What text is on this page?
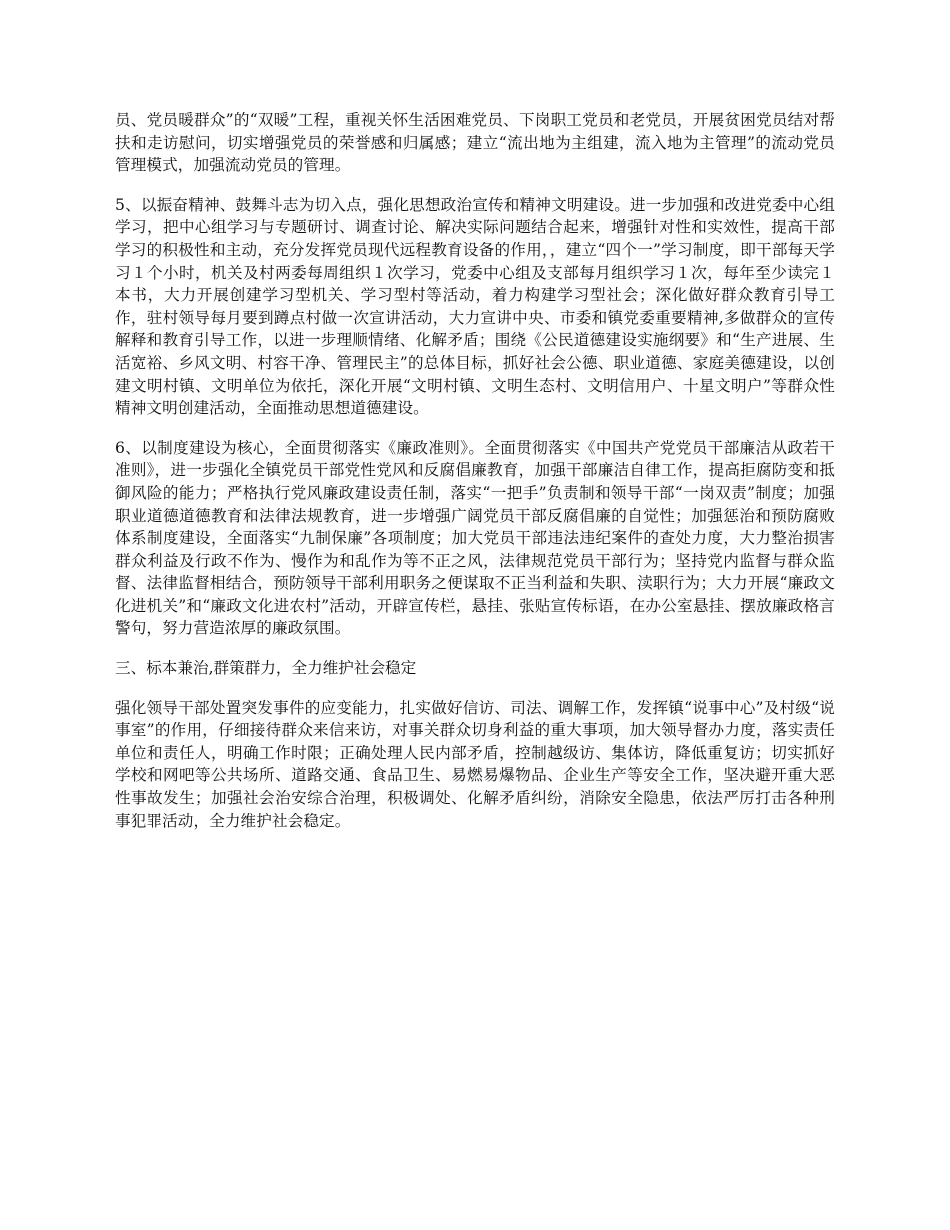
员、党员暖群众”的“双暖”工程，重视关怀生活困难党员、下岗职工党员和老党员，开展贫困党员结对帮扶和走访慰问，切实增强党员的荣誉感和归属感；建立“流出地为主组建，流入地为主管理”的流动党员管理模式，加强流动党员的管理。

5、以振奋精神、鼓舞斗志为切入点，强化思想政治宣传和精神文明建设。进一步加强和改进党委中心组学习，把中心组学习与专题研讨、调查讨论、解决实际问题结合起来，增强针对性和实效性，提高干部学习的积极性和主动，充分发挥党员现代远程教育设备的作用，，建立“四个一”学习制度，即干部每天学习１个小时，机关及村两委每周组织１次学习，党委中心组及支部每月组织学习１次，每年至少读完１本书，大力开展创建学习型机关、学习型村等活动，着力构建学习型社会；深化做好群众教育引导工作，驻村领导每月要到蹲点村做一次宣讲活动，大力宣讲中央、市委和镇党委重要精神,多做群众的宣传解释和教育引导工作，以进一步理顺情绪、化解矛盾；围绕《公民道德建设实施纲要》和“生产进展、生活宽裕、乡风文明、村容干净、管理民主”的总体目标，抓好社会公德、职业道德、家庭美德建设，以创建文明村镇、文明单位为依托，深化开展“文明村镇、文明生态村、文明信用户、十星文明户”等群众性精神文明创建活动，全面推动思想道德建设。

6、以制度建设为核心，全面贯彻落实《廉政准则》。全面贯彻落实《中国共产党党员干部廉洁从政若干准则》，进一步强化全镇党员干部党性党风和反腐倡廉教育，加强干部廉洁自律工作，提高拒腐防变和抵御风险的能力；严格执行党风廉政建设责任制，落实“一把手”负责制和领导干部“一岗双责”制度；加强职业道德道德教育和法律法规教育，进一步增强广阔党员干部反腐倡廉的自觉性；加强惩治和预防腐败体系制度建设，全面落实“九制保廉”各项制度；加大党员干部违法违纪案件的查处力度，大力整治损害群众利益及行政不作为、慢作为和乱作为等不正之风，法律规范党员干部行为；坚持党内监督与群众监督、法律监督相结合，预防领导干部利用职务之便谋取不正当利益和失职、渎职行为；大力开展“廉政文化进机关”和“廉政文化进农村”活动，开辟宣传栏，悬挂、张贴宣传标语，在办公室悬挂、摆放廉政格言警句，努力营造浓厚的廉政氛围。

三、标本兼治,群策群力，全力维护社会稳定

强化领导干部处置突发事件的应变能力，扎实做好信访、司法、调解工作，发挥镇“说事中心”及村级“说事室”的作用，仔细接待群众来信来访，对事关群众切身利益的重大事项，加大领导督办力度，落实责任单位和责任人，明确工作时限；正确处理人民内部矛盾，控制越级访、集体访，降低重复访；切实抓好学校和网吧等公共场所、道路交通、食品卫生、易燃易爆物品、企业生产等安全工作，坚决避开重大恶性事故发生；加强社会治安综合治理，积极调处、化解矛盾纠纷，消除安全隐患，依法严厉打击各种刑事犯罪活动，全力维护社会稳定。
